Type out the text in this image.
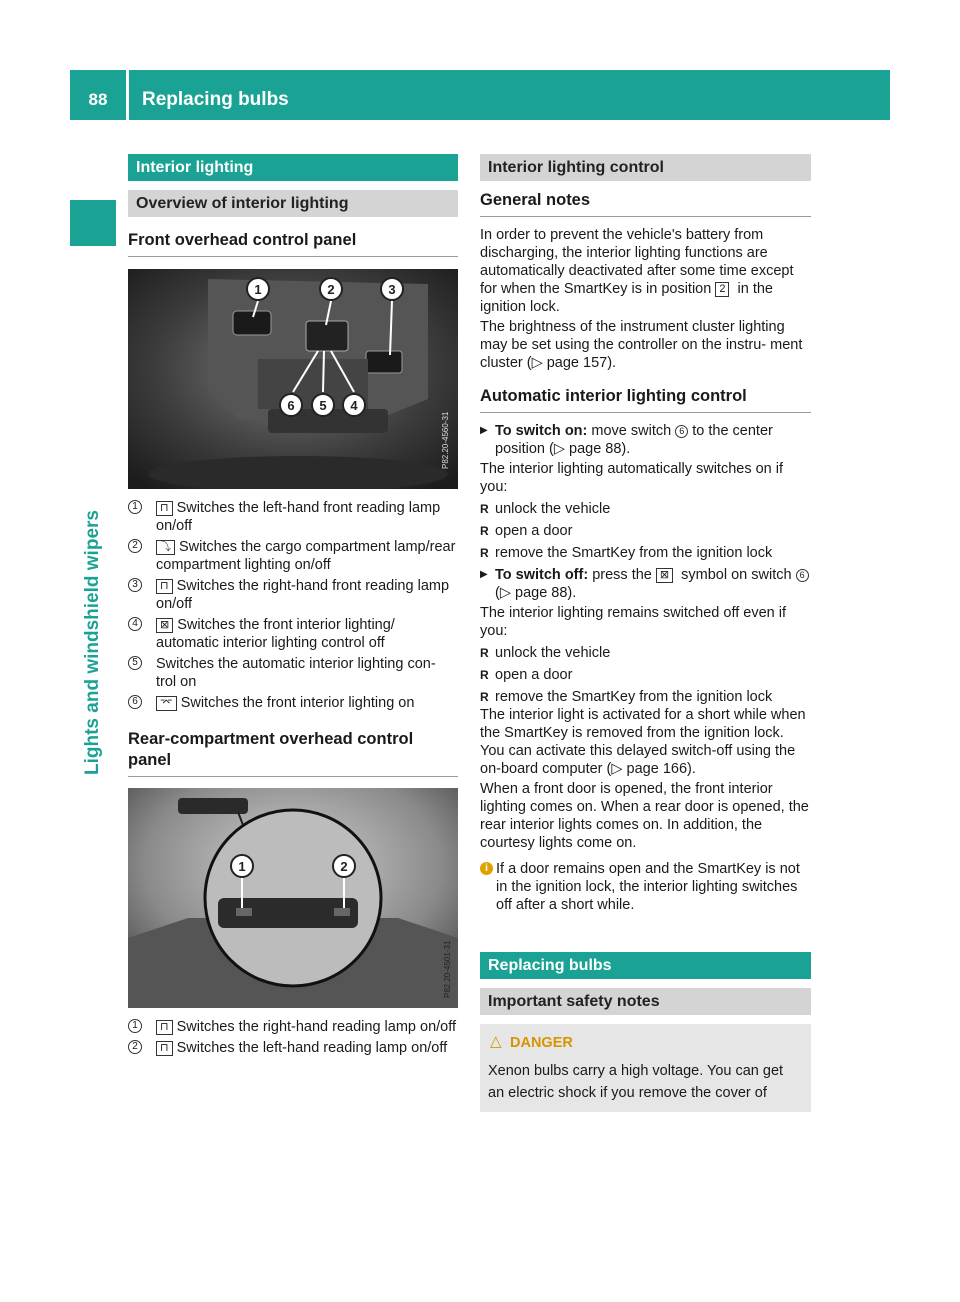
88	Replacing bulbs
Lights and windshield wipers
Interior lighting
Overview of interior lighting
Front overhead control panel
1	2	3
4
5
6
P82.20-4560-31
1	⊓ Switches the left-hand front reading lamp on/off
2	⤵ Switches the cargo compartment lamp/rear compartment lighting on/off
3	⊓ Switches the right-hand front reading lamp on/off
4	⊠ Switches the front interior lighting/ automatic interior lighting control off
5 Switches the automatic interior lighting con- trol on
6	⌤ Switches the front interior lighting on
Rear-compartment overhead control panel
1	2
P82.20-4501-31
1	⊓ Switches the right-hand reading lamp on/off
2	⊓ Switches the left-hand reading lamp on/off
Interior lighting control
General notes

In order to prevent the vehicle's battery from discharging, the interior lighting functions are automatically deactivated after some time except for when the SmartKey is in position 2 in the ignition lock.

The brightness of the instrument cluster lighting may be set using the controller on the instru- ment cluster (▷ page 157).

Automatic interior lighting control
▶ To switch on: move switch 6 to the center position (▷ page 88).

The interior lighting automatically switches on if you:

R unlock the vehicle
R open a door
R remove the SmartKey from the ignition lock
▶ To switch off: press the ⊠ symbol on switch 6 (▷ page 88).

The interior lighting remains switched off even if you:

R unlock the vehicle
R open a door
R remove the SmartKey from the ignition lock

The interior light is activated for a short while when the SmartKey is removed from the ignition lock. You can activate this delayed switch-off using the on-board computer (▷ page 166).

When a front door is opened, the front interior lighting comes on. When a rear door is opened, the rear interior lights comes on. In addition, the courtesy lights come on.

i If a door remains open and the SmartKey is not in the ignition lock, the interior lighting switches off after a short while.
Replacing bulbs
Important safety notes
△ DANGER
Xenon bulbs carry a high voltage. You can get an electric shock if you remove the cover of
